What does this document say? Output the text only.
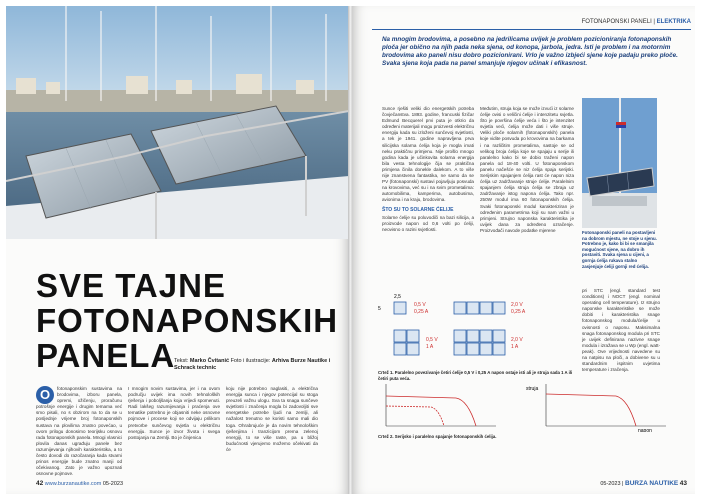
SVE TAJNE
FOTONAPONSKIH
PANELA
Tekst: Marko Čvitanić Foto i ilustracije: Arhiva Burze Nautike i Schrack technic
O	fotonaponskim sustavima na brodovima, izboru panela, opremi, ožičenju, proračunu potrošnje energije i drugim temama već smo pisali, no s obzirom na to da se u posljednje vrijeme broj fotonaponskih sustava na plovilima znatno povećao, u ovom prilogu donosimo teorijsku osnovu rada fotonaponskih panela. Mnogi vlasnici plovila danas ugrađuju panele bez razumijevanja njihovih karakteristika, a to često dovodi do razočaranja kada stvarni prinos energije bude znatno manji od očekivanog. Zato je važno upoznati osnovne pojmove.

I mnogim novim sustavima, jer i na ovom području uvijek ima novih tehnoloških rješenja i poboljšanja koja vrijedi spomenuti. Radi lakšeg razumijevanja i praćenja ove tematike potrebno je objasniti neke osnovne pojmove i procese koji se odvijaju prilikom pretvorbe sunčevog svjetla u električnu energiju. Sunce je izvor života i svega postojanja na Zemlji. Bo je činjenica

koju nije potrebno naglasiti, a električna energija sunca i njegov potencijal su stoga preuzeli važnu ulogu. Sva ta snaga sunčeve svjetlosti i značenja mogla bi zadovoljiti sve energetske potrebe ljudi na zemlji, ali nažalost trenutno se koristi samo mali dio toga. Ohrabrujuće je da novim tehnološkim rješenjima i tranzicijom prema zelenoj energiji, to se više raste, pa u bližoj budućnosti vjerujemo možemo očekivati da će

42 www.burzanautike.com 05-2023
FOTONAPONSKI PANELI | ELEKTRIKA
Na mnogim brodovima, a posebno na jedrilicama uvijek je problem pozicioniranja fotonaponskih ploča jer obično na njih pada neka sjena, od konopa, jarbola, jedra. Isti je problem i na motornim brodovima ako paneli nisu dobro pozicionirani. Vrlo je važno izbjeći sjene koje padaju preko ploče. Svaka sjena koja pada na panel smanjuje njegov učinak i efikasnost.

Sunce rješiti veliki dio energetskih potreba čovječanstva. 1893. godine, francuski fizičar Edmund Becquerel prvi puta je otkrio da određeni materijali mogu proizvesti električnu energiju kada su izloženi sunčevoj svjetlosti, a tek je 1941. godine napravljena prva silicijska solarna ćelija koja je mogla imati neku praktičnu primjenu. Nije prošlo mnogo godina kada je učinkovita solarna energija bila vesta tehnologije čija se praktična primjena činila donekle dalekom. A to više nije znanstvena fantastika, ne samo da se PV (fotonaponski) sustavi pojavljuju posvuda na krovovima, već su i na svim prometalima: automobilima, kamperima, autobusima, avionima i na kraju, brodovima.

ŠTO SU TO SOLARNE ĆELIJE

Solarne ćelije su poluvodiči na bazi silicija, a proizvode napon od 0,6 volti po ćeliji, neovisno o razini svjetlosti.

Međutim, struja koja se može izvući iz solarne ćelije ovisi o veličini ćelije i intenzitetu svjetla. Što je površina ćelije veća i što je intenzitet svjetla veći, ćelija može dati i više struje. Veliki ploče solarnih (fotonaponskih) panela koje vidite posvuda po krovovima na barkama i na različitim prometalima, sastoje se od velikog broja ćelija koje se spajaju u serije ili paralelno kako bi se dobio traženi napon panela od 18-40 volti. U fotonaponskom panelu načešće se niz ćelija spaja serijski. Serijskim spajanjem ćelija rast će napon niza ćelija uz zadržavanje struje ćelije. Paralelnim spajanjem ćelija struja ćelija se zbraja uz zadržavanje istog napona ćelija. Tako npr. 250W modul ima 60 fotonaponskih ćelija. Svaki fotonaponski modul karakteriziran je određenim parametrima koji su nam važni u primjeni. Strujno naponska karakteristika je uvijek dana za određeno ozračenje. Proizvođači navode podatke mjerene	Fotonaponski paneli na postavljeni na dobrom mjestu, ne stoje u sjenu. Potrebno je, kako bi bi se smanjila mogućnost sjene, na dobro ih postaviti. Svaka sjena u cijeni, a gornja ćelija rukava stalno zasjenjuje ćeliji gornji red ćelija.

pri STC (engl. standard test conditions) i NOCT (engl. nominal operating cell temperature). Iz strujno naponske karakteristike se može dobiti i karakteristika snage fotonaponskog modula/ćelije u ovisnosti o naponu. Maksimalna snaga fotonaponskog modula pri STC je uvijek definirana nazivne snage modula i izražava se u Wp (engl. watt-peak). Ove vrijednosti navedene su na natpisu na ploči, a dobivene su u standardnim ispitnim uvjetima temperature i zračenja.

2,5
5
0,5 V
0,25 A
2,0 V
0,25 A
0,5 V
1 A
2,0 V
1 A
Crtež 1. Paralelno povezivanje četiri ćelije 0,5 V i 0,25 A napon ostaje isti ali je struja sada 1 A ili četiri puta veća.
struja
napon
Crtež 2. Serijsko i paralelno spajanje fotonaponskih ćelija.
05-2023 | BURZA NAUTIKE 43
